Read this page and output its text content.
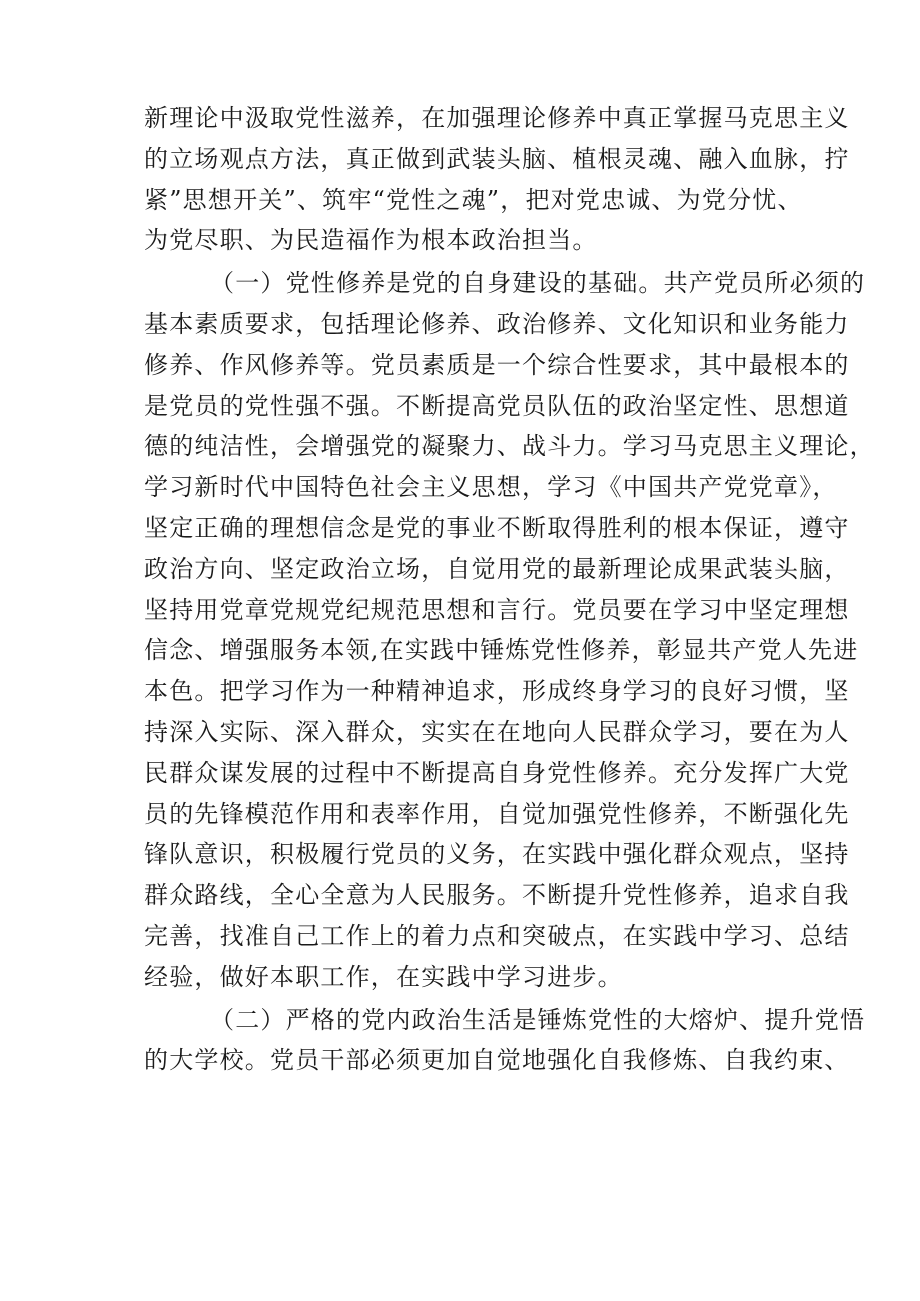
新理论中汲取党性滋养，在加强理论修养中真正掌握马克思主义
的立场观点方法，真正做到武装头脑、植根灵魂、融入血脉，拧
紧”思想开关”、筑牢“党性之魂”，把对党忠诚、为党分忧、
为党尽职、为民造福作为根本政治担当。
（一）党性修养是党的自身建设的基础。共产党员所必须的
基本素质要求，包括理论修养、政治修养、文化知识和业务能力
修养、作风修养等。党员素质是一个综合性要求，其中最根本的
是党员的党性强不强。不断提高党员队伍的政治坚定性、思想道
德的纯洁性，会增强党的凝聚力、战斗力。学习马克思主义理论，
学习新时代中国特色社会主义思想，学习《中国共产党党章》，
坚定正确的理想信念是党的事业不断取得胜利的根本保证，遵守
政治方向、坚定政治立场，自觉用党的最新理论成果武装头脑，
坚持用党章党规党纪规范思想和言行。党员要在学习中坚定理想
信念、增强服务本领,在实践中锤炼党性修养，彰显共产党人先进
本色。把学习作为一种精神追求，形成终身学习的良好习惯，坚
持深入实际、深入群众，实实在在地向人民群众学习，要在为人
民群众谋发展的过程中不断提高自身党性修养。充分发挥广大党
员的先锋模范作用和表率作用，自觉加强党性修养，不断强化先
锋队意识，积极履行党员的义务，在实践中强化群众观点，坚持
群众路线，全心全意为人民服务。不断提升党性修养，追求自我
完善，找准自己工作上的着力点和突破点，在实践中学习、总结
经验，做好本职工作，在实践中学习进步。
（二）严格的党内政治生活是锤炼党性的大熔炉、提升党悟
的大学校。党员干部必须更加自觉地强化自我修炼、自我约束、
